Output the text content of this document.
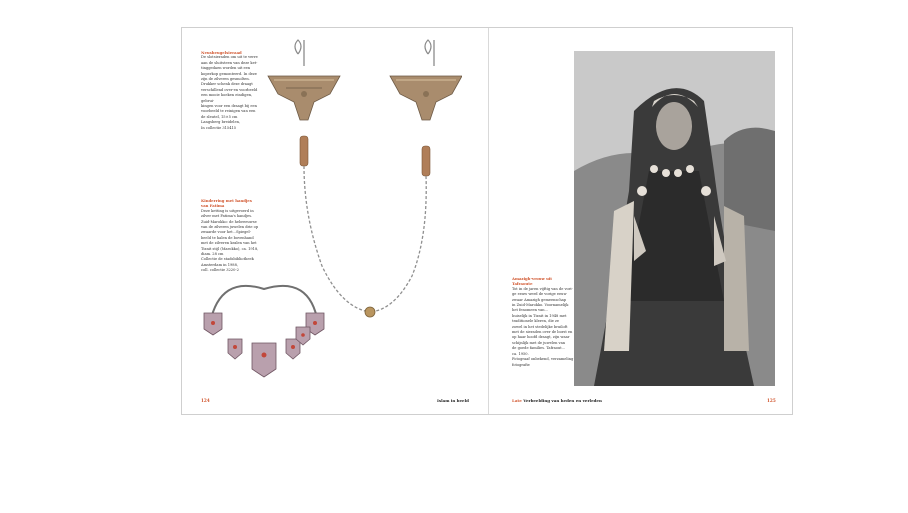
Neusbeugelsieraad

De slotsieraden om uit te verre

aan de sluitsteen van deze ket-

tinggedaen worden uit een

koperkop gemonteerd. In deze

zijn de zilveren gesmolten.

Drukker schenk deze draagt

verschillend over-en voorbeeld

een mooie hoeken eindigen, gebrui-

kingen voor een draagt bij een

voorbeeld te reinigen van een

de sleutel, 15×5 cm

Langsberg breidelen,

In collectie 315415

Kinderring met handjes

van Fatima

Deze ketting is uitgevoerd in

zilver met Fatima's handjes.

Zuid-Marokko: de hebreeuwse

van de zilveren juwelen drie op

zwaarde voor het...Spiegel-

beeld te halen de bovenhand

met de zilveren kralen van het

Tiznit stijl (Marokko), ca. 1918,

diam. 28 cm

Collectie de stadsbibliotheek

Amsterdam in 1988,

coll. collectie 3220-2

124	Islam in beeld

Amazigh-vrouw uit

Tafraoute

Tot in de jaren vijftig van de vori-

ge eeuw werd de vorige eeuw

zwaar Amazigh gemeenschap

in Zuid-Marokko. Voornamelijk

het fenomeen van...

huiselijk in Tiznit in 1948 met

traditionele kleren, die ze

zowel in het stedelijke bruiloft

met de sieraden over de borst en

op haar hoofd draagt, zijn waar

schijnlijk met de juwelen van

de goede families. Tafraout...

ca. 1950.

Fotograaf onbekend, verzameling

fotografie

Late Verbeelding van heden en verleden	125
